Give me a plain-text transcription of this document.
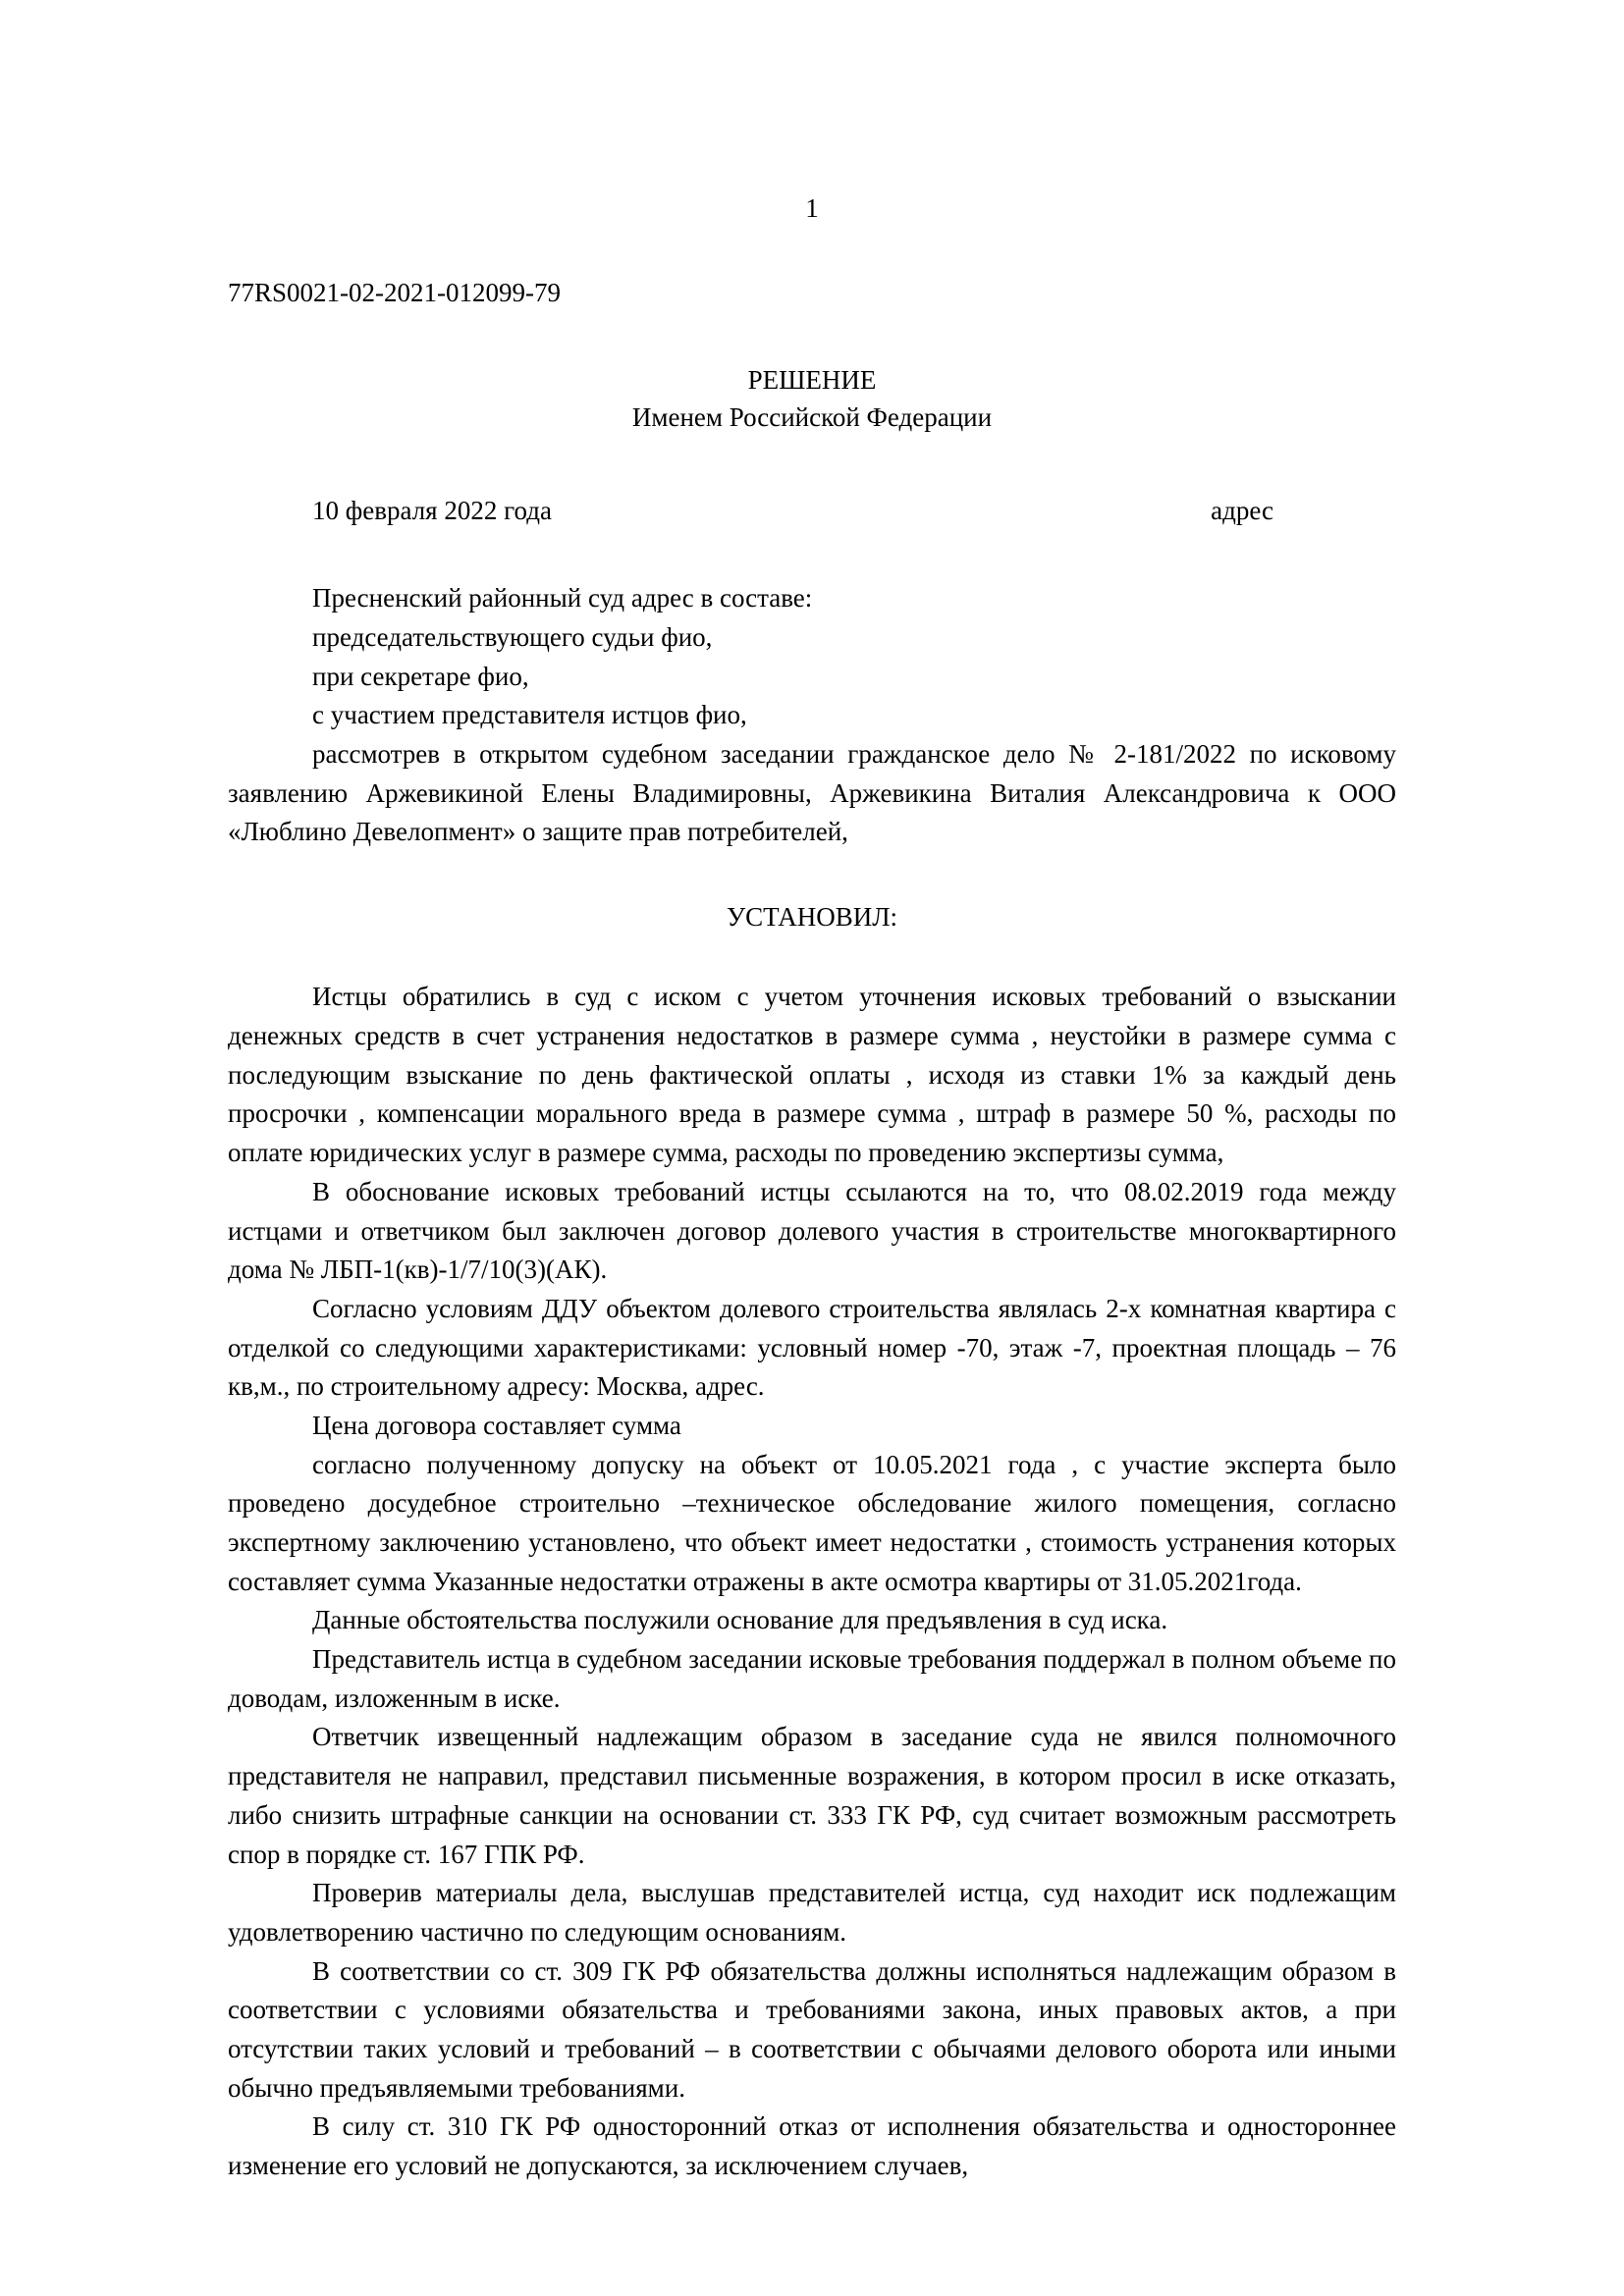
1
77RS0021-02-2021-012099-79
РЕШЕНИЕ
Именем Российской Федерации
10 февраля 2022 года	адрес
Пресненский районный суд адрес в составе:
председательствующего судьи фио,
при секретаре фио,
с участием представителя истцов фио,

рассмотрев в открытом судебном заседании гражданское дело № 2-181/2022 по исковому заявлению Аржевикиной Елены Владимировны, Аржевикина Виталия Александровича к ООО «Люблино Девелопмент» о защите прав потребителей,

УСТАНОВИЛ:

Истцы обратились в суд с иском с учетом уточнения исковых требований о взыскании денежных средств в счет устранения недостатков в размере сумма , неустойки в размере сумма с последующим взыскание по день фактической оплаты , исходя из ставки 1% за каждый день просрочки , компенсации морального вреда в размере сумма , штраф в размере 50 %, расходы по оплате юридических услуг в размере сумма, расходы по проведению экспертизы сумма,

В обоснование исковых требований истцы ссылаются на то, что 08.02.2019 года между истцами и ответчиком был заключен договор долевого участия в строительстве многоквартирного дома № ЛБП-1(кв)-1/7/10(3)(АК).

Согласно условиям ДДУ объектом долевого строительства являлась 2-х комнатная квартира с отделкой со следующими характеристиками: условный номер -70, этаж -7, проектная площадь – 76 кв,м., по строительному адресу: Москва, адрес.

Цена договора составляет сумма

согласно полученному допуску на объект от 10.05.2021 года , с участие эксперта было проведено досудебное строительно –техническое обследование жилого помещения, согласно экспертному заключению установлено, что объект имеет недостатки , стоимость устранения которых составляет сумма Указанные недостатки отражены в акте осмотра квартиры от 31.05.2021года.

Данные обстоятельства послужили основание для предъявления в суд иска.

Представитель истца в судебном заседании исковые требования поддержал в полном объеме по доводам, изложенным в иске.

Ответчик извещенный надлежащим образом в заседание суда не явился полномочного представителя не направил, представил письменные возражения, в котором просил в иске отказать, либо снизить штрафные санкции на основании ст. 333 ГК РФ, суд считает возможным рассмотреть спор в порядке ст. 167 ГПК РФ.

Проверив материалы дела, выслушав представителей истца, суд находит иск подлежащим удовлетворению частично по следующим основаниям.

В соответствии со ст. 309 ГК РФ обязательства должны исполняться надлежащим образом в соответствии с условиями обязательства и требованиями закона, иных правовых актов, а при отсутствии таких условий и требований – в соответствии с обычаями делового оборота или иными обычно предъявляемыми требованиями.

В силу ст. 310 ГК РФ односторонний отказ от исполнения обязательства и одностороннее изменение его условий не допускаются, за исключением случаев,
